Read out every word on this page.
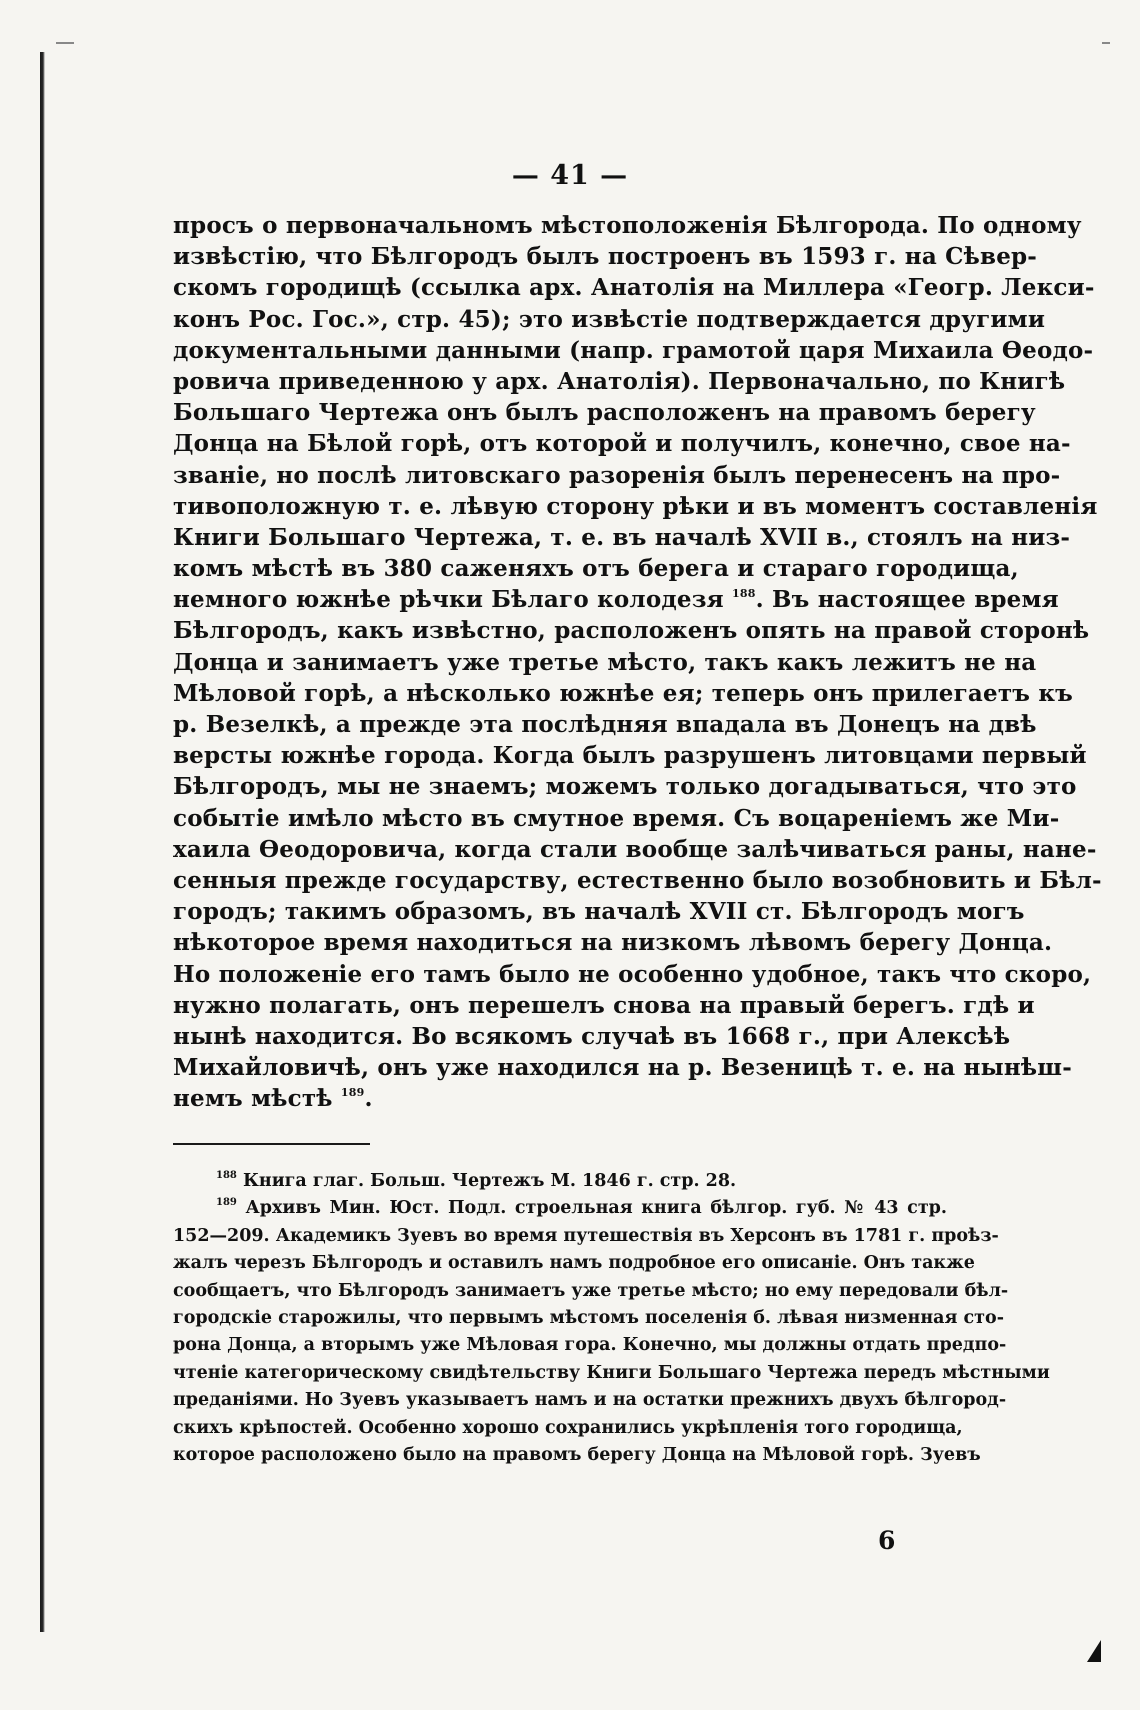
— 41 —
просъ о первоначальномъ мѣстоположенія Бѣлгорода. По одному
извѣстію, что Бѣлгородъ былъ построенъ въ 1593 г. на Сѣвер-
скомъ городищѣ (ссылка арх. Анатолія на Миллера «Геогр. Лекси-
конъ Рос. Гос.», стр. 45); это извѣстіе подтверждается другими
документальными данными (напр. грамотой царя Михаила Өеодо-
ровича приведенною у арх. Анатолія). Первоначально, по Книгѣ
Большаго Чертежа онъ былъ расположенъ на правомъ берегу
Донца на Бѣлой горѣ, отъ которой и получилъ, конечно, свое на-
званіе, но послѣ литовскаго разоренія былъ перенесенъ на про-
тивоположную т. е. лѣвую сторону рѣки и въ моментъ составленія
Книги Большаго Чертежа, т. е. въ началѣ XVII в., стоялъ на низ-
комъ мѣстѣ въ 380 саженяхъ отъ берега и стараго городища,
немного южнѣе рѣчки Бѣлаго колодезя $^{188}$. Въ настоящее время
Бѣлгородъ, какъ извѣстно, расположенъ опять на правой сторонѣ
Донца и занимаетъ уже третье мѣсто, такъ какъ лежитъ не на
Мѣловой горѣ, а нѣсколько южнѣе ея; теперь онъ прилегаетъ къ
р. Везелкѣ, а прежде эта послѣдняя впадала въ Донецъ на двѣ
версты южнѣе города. Когда былъ разрушенъ литовцами первый
Бѣлгородъ, мы не знаемъ; можемъ только догадываться, что это
событіе имѣло мѣсто въ смутное время. Съ воцареніемъ же Ми-
хаила Өеодоровича, когда стали вообще залѣчиваться раны, нане-
сенныя прежде государству, естественно было возобновить и Бѣл-
городъ; такимъ образомъ, въ началѣ XVII ст. Бѣлгородъ могъ
нѣкоторое время находиться на низкомъ лѣвомъ берегу Донца.
Но положеніе его тамъ было не особенно удобное, такъ что скоро,
нужно полагать, онъ перешелъ снова на правый берегъ. гдѣ и
нынѣ находится. Во всякомъ случаѣ въ 1668 г., при Алексѣѣ
Михайловичѣ, онъ уже находился на р. Везеницѣ т. е. на нынѣш-
немъ мѣстѣ $^{189}$.
$^{188}$ Книга глаг. Больш. Чертежъ М. 1846 г. стр. 28.
$^{189}$ Архивъ Мин. Юст. Подл. строельная книга бѣлгор. губ. № 43 стр.
152—209. Академикъ Зуевъ во время путешествія въ Херсонъ въ 1781 г. проѣз-
жалъ черезъ Бѣлгородъ и оставилъ намъ подробное его описаніе. Онъ также
сообщаетъ, что Бѣлгородъ занимаетъ уже третье мѣсто; но ему передовали бѣл-
городскіе старожилы, что первымъ мѣстомъ поселенія б. лѣвая низменная сто-
рона Донца, а вторымъ уже Мѣловая гора. Конечно, мы должны отдать предпо-
чтеніе категорическому свидѣтельству Книги Большаго Чертежа передъ мѣстными
преданіями. Но Зуевъ указываетъ намъ и на остатки прежнихъ двухъ бѣлгород-
скихъ крѣпостей. Особенно хорошо сохранились укрѣпленія того городища,
которое расположено было на правомъ берегу Донца на Мѣловой горѣ. Зуевъ
6
